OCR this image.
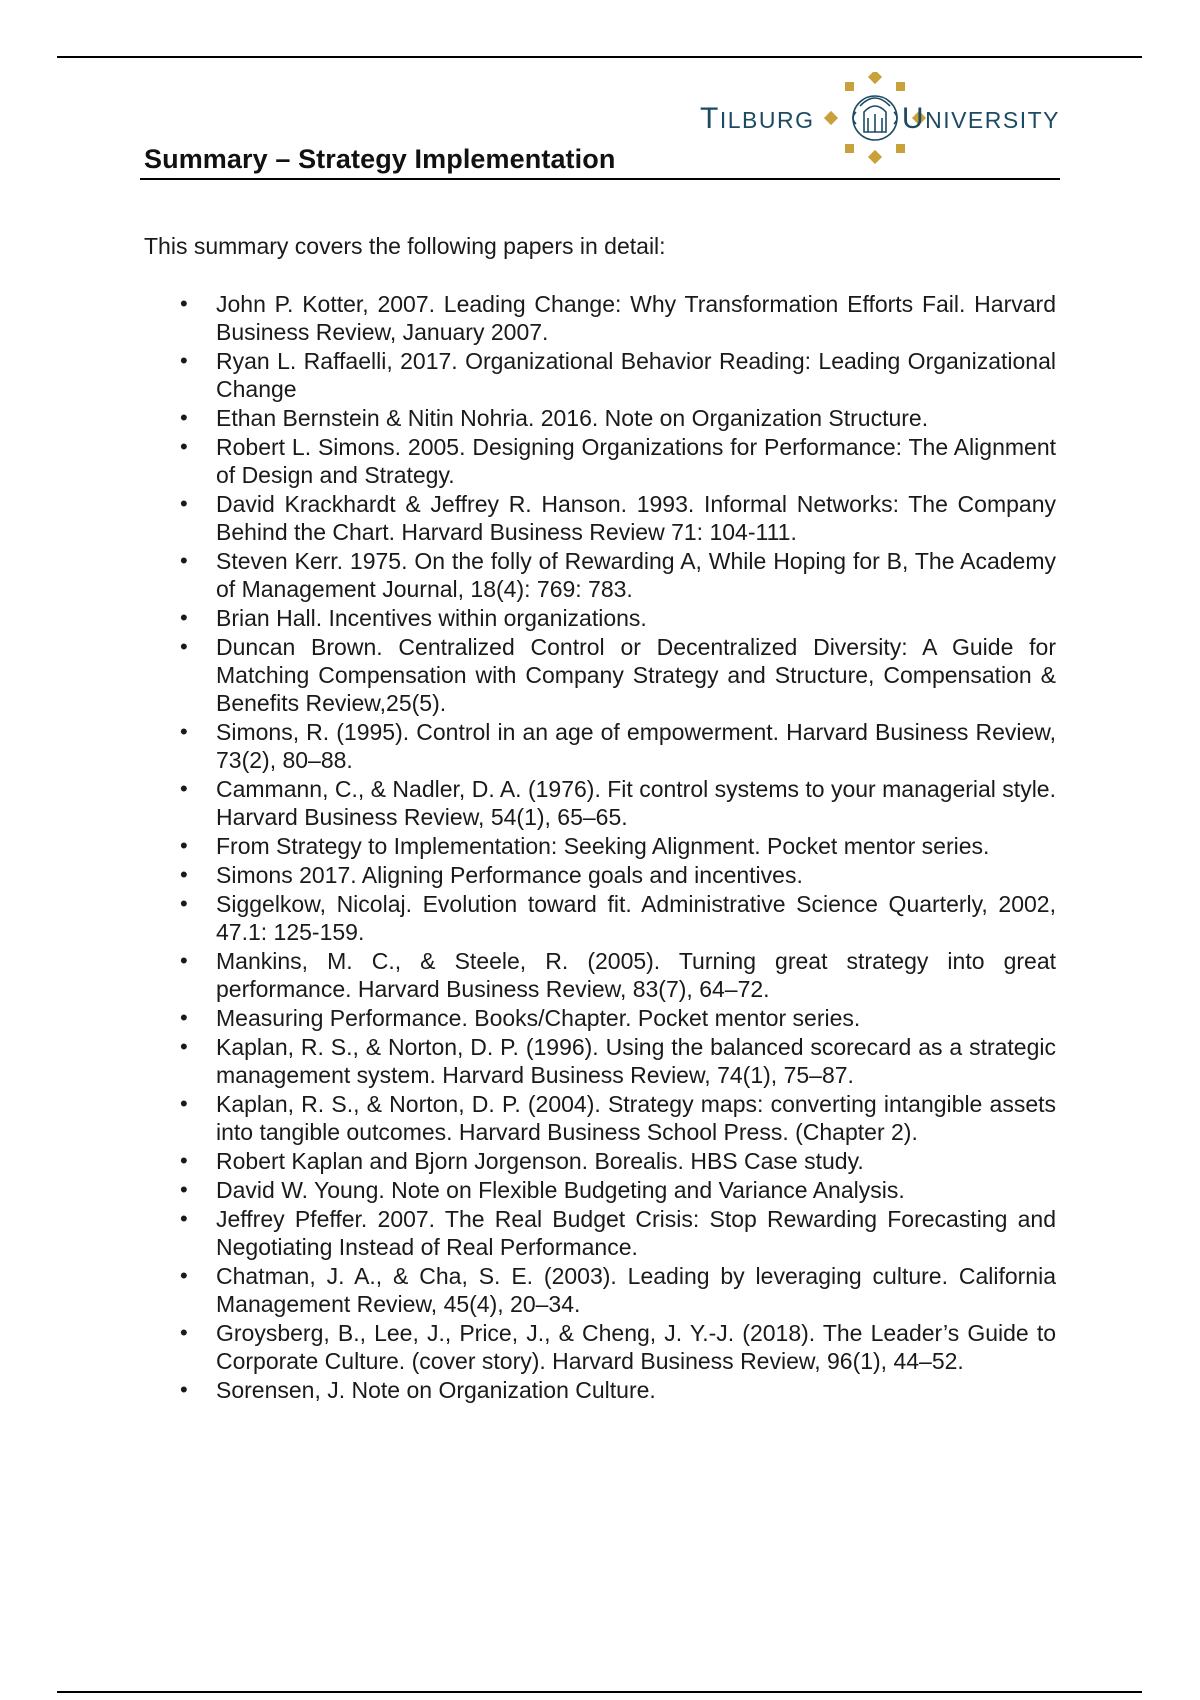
Summary – Strategy Implementation
TILBURG	UNIVERSITY
This summary covers the following papers in detail:
• John P. Kotter, 2007. Leading Change: Why Transformation Efforts Fail. Harvard Business Review, January 2007.
• Ryan L. Raffaelli, 2017. Organizational Behavior Reading: Leading Organizational Change
• Ethan Bernstein & Nitin Nohria. 2016. Note on Organization Structure.
• Robert L. Simons. 2005. Designing Organizations for Performance: The Alignment of Design and Strategy.
• David Krackhardt & Jeffrey R. Hanson. 1993. Informal Networks: The Company Behind the Chart. Harvard Business Review 71: 104-111.
• Steven Kerr. 1975. On the folly of Rewarding A, While Hoping for B, The Academy of Management Journal, 18(4): 769: 783.
• Brian Hall. Incentives within organizations.
• Duncan Brown. Centralized Control or Decentralized Diversity: A Guide for Matching Compensation with Company Strategy and Structure, Compensation & Benefits Review,25(5).
• Simons, R. (1995). Control in an age of empowerment. Harvard Business Review, 73(2), 80–88.
• Cammann, C., & Nadler, D. A. (1976). Fit control systems to your managerial style. Harvard Business Review, 54(1), 65–65.
• From Strategy to Implementation: Seeking Alignment. Pocket mentor series.
• Simons 2017. Aligning Performance goals and incentives.
• Siggelkow, Nicolaj. Evolution toward fit. Administrative Science Quarterly, 2002, 47.1: 125-159.
• Mankins, M. C., & Steele, R. (2005). Turning great strategy into great performance. Harvard Business Review, 83(7), 64–72.
• Measuring Performance. Books/Chapter. Pocket mentor series.
• Kaplan, R. S., & Norton, D. P. (1996). Using the balanced scorecard as a strategic management system. Harvard Business Review, 74(1), 75–87.
• Kaplan, R. S., & Norton, D. P. (2004). Strategy maps: converting intangible assets into tangible outcomes. Harvard Business School Press. (Chapter 2).
• Robert Kaplan and Bjorn Jorgenson. Borealis. HBS Case study.
• David W. Young. Note on Flexible Budgeting and Variance Analysis.
• Jeffrey Pfeffer. 2007. The Real Budget Crisis: Stop Rewarding Forecasting and Negotiating Instead of Real Performance.
• Chatman, J. A., & Cha, S. E. (2003). Leading by leveraging culture. California Management Review, 45(4), 20–34.
• Groysberg, B., Lee, J., Price, J., & Cheng, J. Y.-J. (2018). The Leader’s Guide to Corporate Culture. (cover story). Harvard Business Review, 96(1), 44–52.
• Sorensen, J. Note on Organization Culture.
